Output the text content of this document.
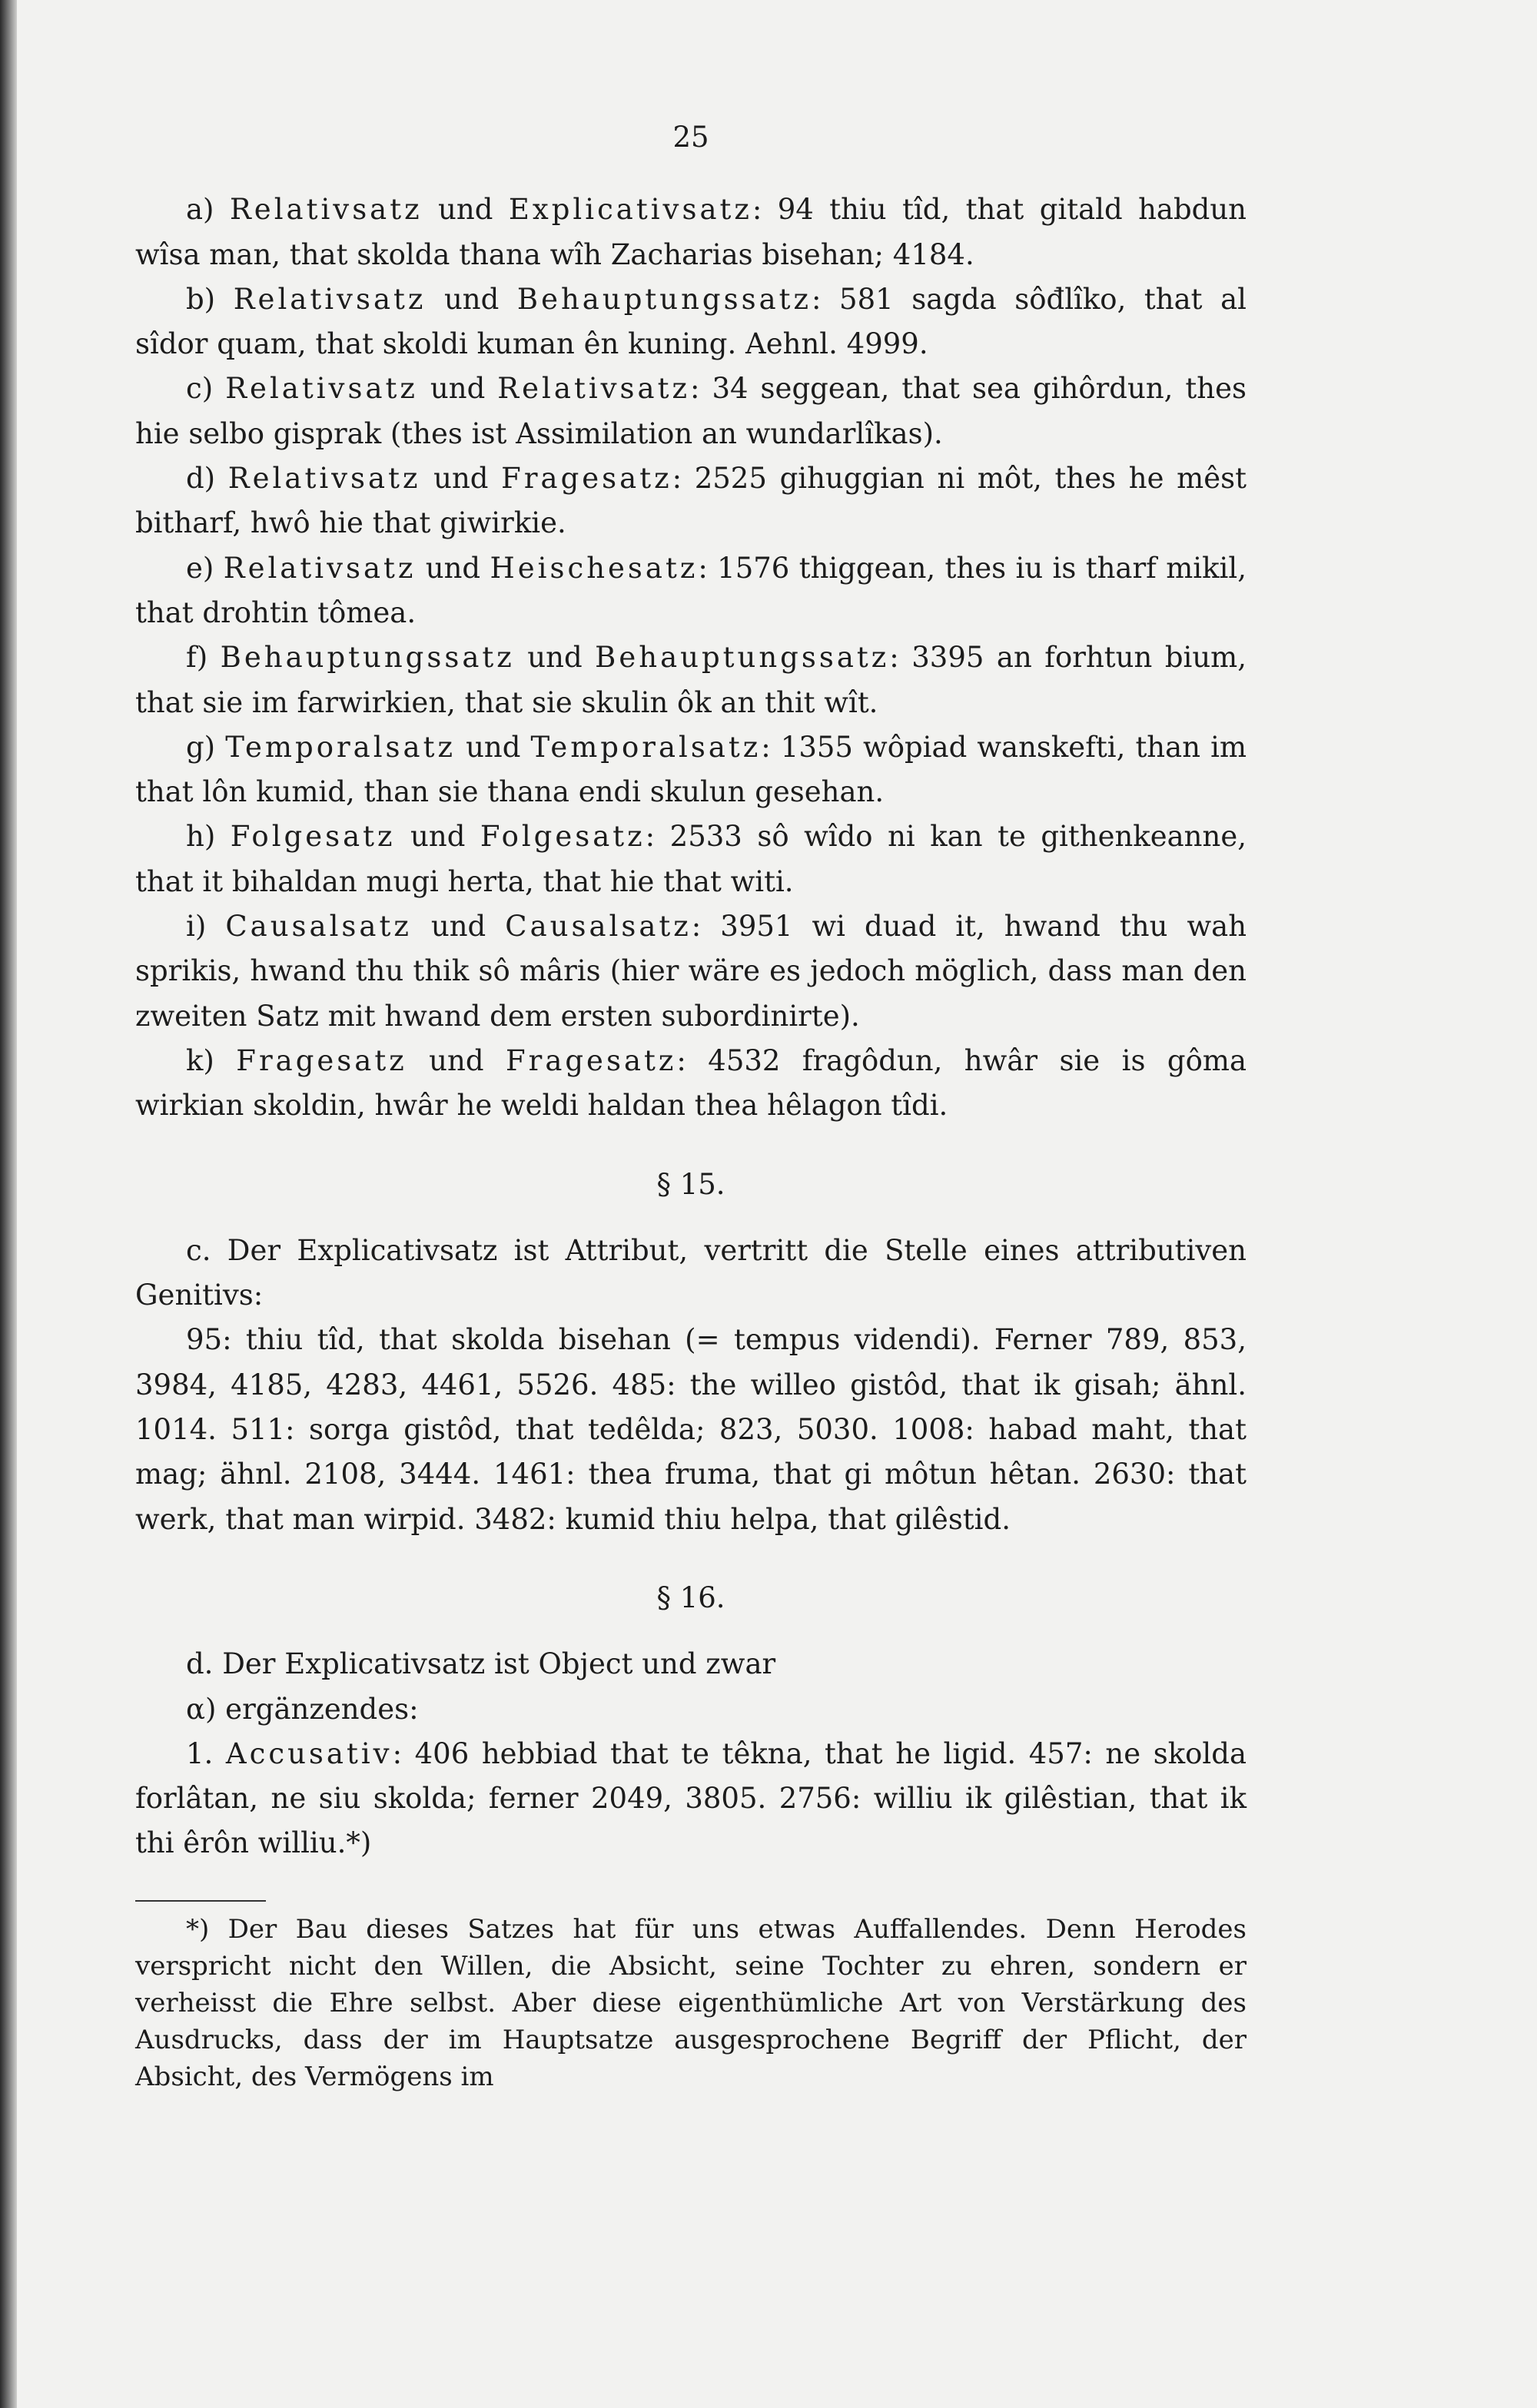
25

a) Relativsatz und Explicativsatz: 94 thiu tîd, that gitald habdun wîsa man, that skolda thana wîh Zacharias bisehan; 4184.

b) Relativsatz und Behauptungssatz: 581 sagda sôđlîko, that al sîdor quam, that skoldi kuman ên kuning. Aehnl. 4999.

c) Relativsatz und Relativsatz: 34 seggean, that sea gihôrdun, thes hie selbo gisprak (thes ist Assimilation an wundarlîkas).

d) Relativsatz und Fragesatz: 2525 gihuggian ni môt, thes he mêst bitharf, hwô hie that giwirkie.

e) Relativsatz und Heischesatz: 1576 thiggean, thes iu is tharf mikil, that drohtin tômea.

f) Behauptungssatz und Behauptungssatz: 3395 an forhtun bium, that sie im farwirkien, that sie skulin ôk an thit wît.

g) Temporalsatz und Temporalsatz: 1355 wôpiad wanskefti, than im that lôn kumid, than sie thana endi skulun gesehan.

h) Folgesatz und Folgesatz: 2533 sô wîdo ni kan te githenkeanne, that it bihaldan mugi herta, that hie that witi.

i) Causalsatz und Causalsatz: 3951 wi duad it, hwand thu wah sprikis, hwand thu thik sô mâris (hier wäre es jedoch möglich, dass man den zweiten Satz mit hwand dem ersten subordinirte).

k) Fragesatz und Fragesatz: 4532 fragôdun, hwâr sie is gôma wirkian skoldin, hwâr he weldi haldan thea hêlagon tîdi.

§ 15.

c. Der Explicativsatz ist Attribut, vertritt die Stelle eines attributiven Genitivs:

95: thiu tîd, that skolda bisehan (= tempus videndi). Ferner 789, 853, 3984, 4185, 4283, 4461, 5526. 485: the willeo gistôd, that ik gisah; ähnl. 1014. 511: sorga gistôd, that tedêlda; 823, 5030. 1008: habad maht, that mag; ähnl. 2108, 3444. 1461: thea fruma, that gi môtun hêtan. 2630: that werk, that man wirpid. 3482: kumid thiu helpa, that gilêstid.

§ 16.

d. Der Explicativsatz ist Object und zwar

α) ergänzendes:

1. Accusativ: 406 hebbiad that te têkna, that he ligid. 457: ne skolda forlâtan, ne siu skolda; ferner 2049, 3805. 2756: williu ik gilêstian, that ik thi êrôn williu.*)

*) Der Bau dieses Satzes hat für uns etwas Auffallendes. Denn Herodes verspricht nicht den Willen, die Absicht, seine Tochter zu ehren, sondern er verheisst die Ehre selbst. Aber diese eigenthümliche Art von Verstärkung des Ausdrucks, dass der im Hauptsatze ausgesprochene Begriff der Pflicht, der Absicht, des Vermögens im
